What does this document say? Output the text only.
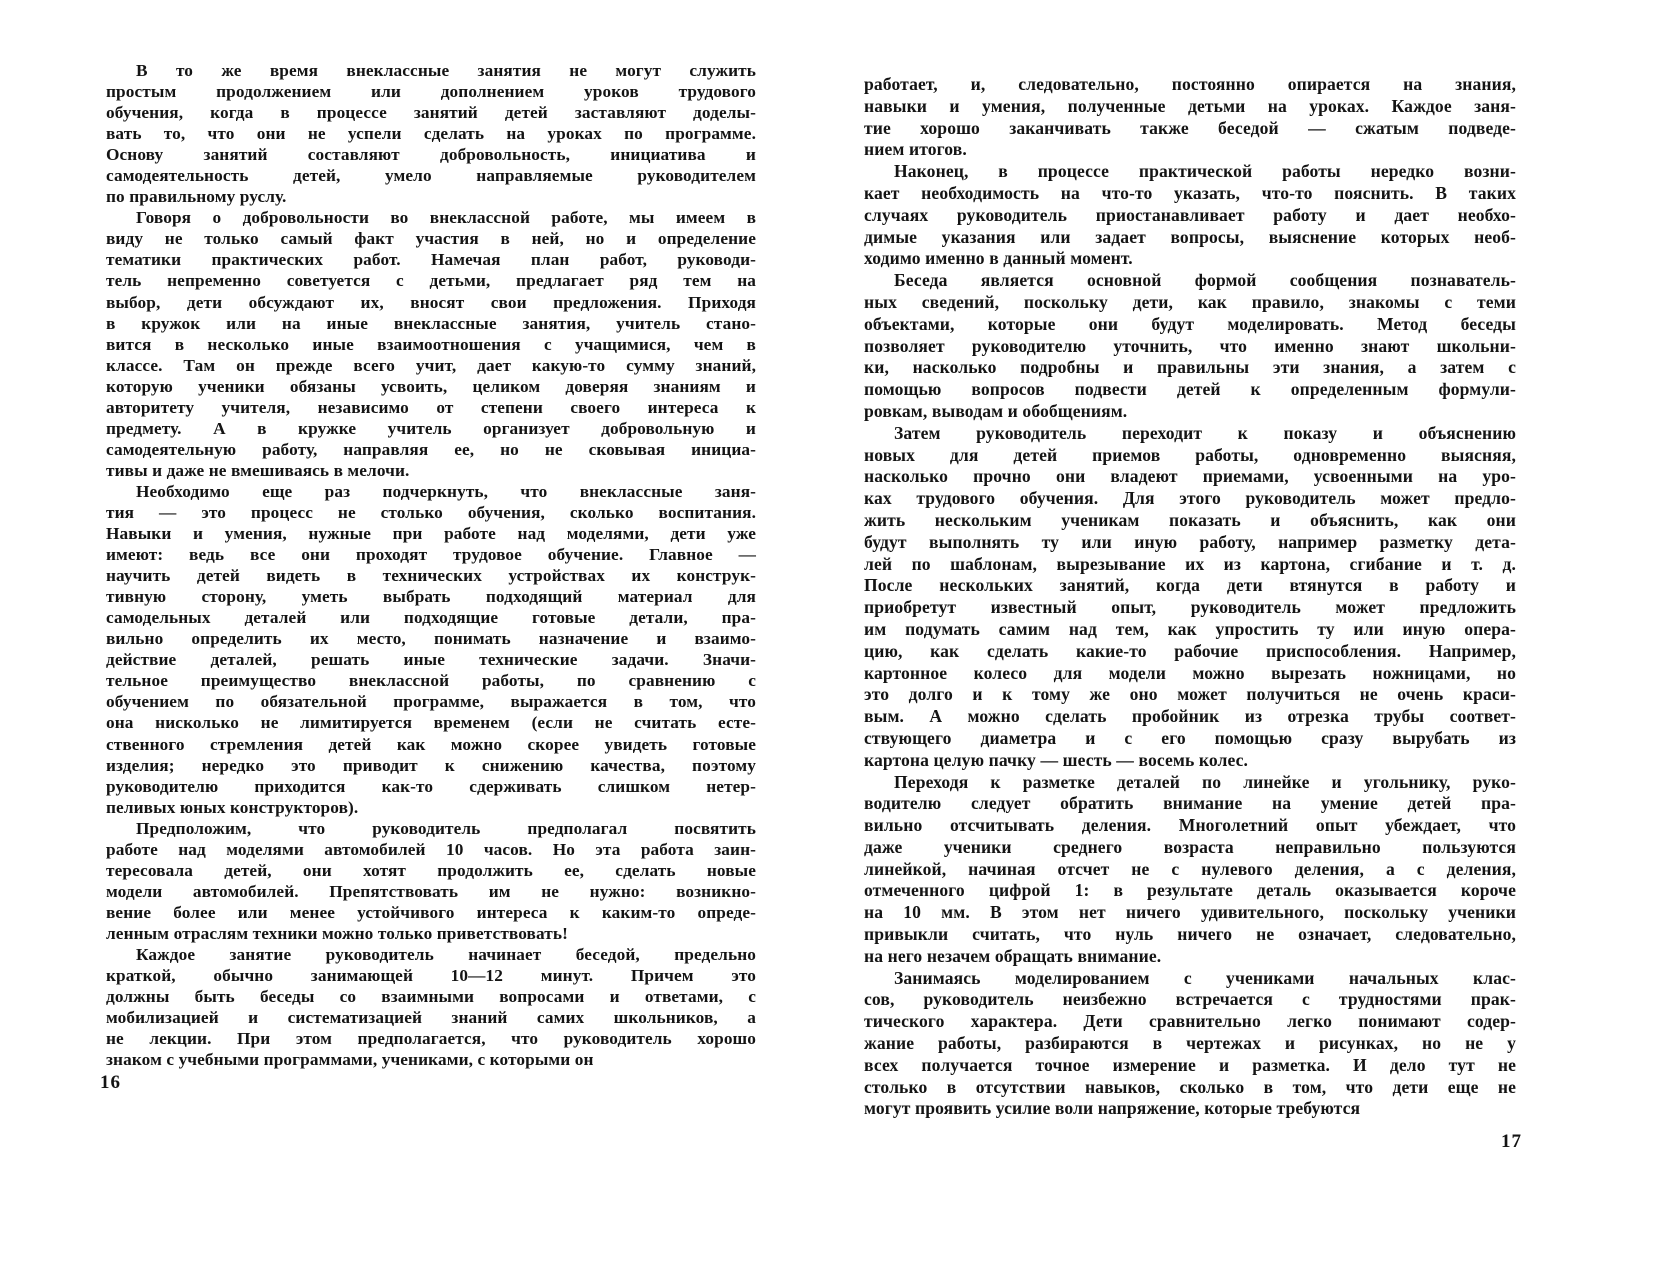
В то же время внеклассные занятия не могут служить
простым продолжением или дополнением уроков трудового
обучения, когда в процессе занятий детей заставляют доделы-
вать то, что они не успели сделать на уроках по программе.
Основу занятий составляют добровольность, инициатива и
самодеятельность детей, умело направляемые руководителем
по правильному руслу.
Говоря о добровольности во внеклассной работе, мы имеем в
виду не только самый факт участия в ней, но и определение
тематики практических работ. Намечая план работ, руководи-
тель непременно советуется с детьми, предлагает ряд тем на
выбор, дети обсуждают их, вносят свои предложения. Приходя
в кружок или на иные внеклассные занятия, учитель стано-
вится в несколько иные взаимоотношения с учащимися, чем в
классе. Там он прежде всего учит, дает какую-то сумму знаний,
которую ученики обязаны усвоить, целиком доверяя знаниям и
авторитету учителя, независимо от степени своего интереса к
предмету. А в кружке учитель организует добровольную и
самодеятельную работу, направляя ее, но не сковывая инициа-
тивы и даже не вмешиваясь в мелочи.
Необходимо еще раз подчеркнуть, что внеклассные заня-
тия — это процесс не столько обучения, сколько воспитания.
Навыки и умения, нужные при работе над моделями, дети уже
имеют: ведь все они проходят трудовое обучение. Главное —
научить детей видеть в технических устройствах их конструк-
тивную сторону, уметь выбрать подходящий материал для
самодельных деталей или подходящие готовые детали, пра-
вильно определить их место, понимать назначение и взаимо-
действие деталей, решать иные технические задачи. Значи-
тельное преимущество внеклассной работы, по сравнению с
обучением по обязательной программе, выражается в том, что
она нисколько не лимитируется временем (если не считать есте-
ственного стремления детей как можно скорее увидеть готовые
изделия; нередко это приводит к снижению качества, поэтому
руководителю приходится как-то сдерживать слишком нетер-
пеливых юных конструкторов).
Предположим, что руководитель предполагал посвятить
работе над моделями автомобилей 10 часов. Но эта работа заин-
тересовала детей, они хотят продолжить ее, сделать новые
модели автомобилей. Препятствовать им не нужно: возникно-
вение более или менее устойчивого интереса к каким-то опреде-
ленным отраслям техники можно только приветствовать!
Каждое занятие руководитель начинает беседой, предельно
краткой, обычно занимающей 10—12 минут. Причем это
должны быть беседы со взаимными вопросами и ответами, с
мобилизацией и систематизацией знаний самих школьников, а
не лекции. При этом предполагается, что руководитель хорошо
знаком с учебными программами, учениками, с которыми он
работает, и, следовательно, постоянно опирается на знания,
навыки и умения, полученные детьми на уроках. Каждое заня-
тие хорошо заканчивать также беседой — сжатым подведе-
нием итогов.
Наконец, в процессе практической работы нередко возни-
кает необходимость на что-то указать, что-то пояснить. В таких
случаях руководитель приостанавливает работу и дает необхо-
димые указания или задает вопросы, выяснение которых необ-
ходимо именно в данный момент.
Беседа является основной формой сообщения познаватель-
ных сведений, поскольку дети, как правило, знакомы с теми
объектами, которые они будут моделировать. Метод беседы
позволяет руководителю уточнить, что именно знают школьни-
ки, насколько подробны и правильны эти знания, а затем с
помощью вопросов подвести детей к определенным формули-
ровкам, выводам и обобщениям.
Затем руководитель переходит к показу и объяснению
новых для детей приемов работы, одновременно выясняя,
насколько прочно они владеют приемами, усвоенными на уро-
ках трудового обучения. Для этого руководитель может предло-
жить нескольким ученикам показать и объяснить, как они
будут выполнять ту или иную работу, например разметку дета-
лей по шаблонам, вырезывание их из картона, сгибание и т. д.
После нескольких занятий, когда дети втянутся в работу и
приобретут известный опыт, руководитель может предложить
им подумать самим над тем, как упростить ту или иную опера-
цию, как сделать какие-то рабочие приспособления. Например,
картонное колесо для модели можно вырезать ножницами, но
это долго и к тому же оно может получиться не очень краси-
вым. А можно сделать пробойник из отрезка трубы соответ-
ствующего диаметра и с его помощью сразу вырубать из
картона целую пачку — шесть — восемь колес.
Переходя к разметке деталей по линейке и угольнику, руко-
водителю следует обратить внимание на умение детей пра-
вильно отсчитывать деления. Многолетний опыт убеждает, что
даже ученики среднего возраста неправильно пользуются
линейкой, начиная отсчет не с нулевого деления, а с деления,
отмеченного цифрой 1: в результате деталь оказывается короче
на 10 мм. В этом нет ничего удивительного, поскольку ученики
привыкли считать, что нуль ничего не означает, следовательно,
на него незачем обращать внимание.
Занимаясь моделированием с учениками начальных клас-
сов, руководитель неизбежно встречается с трудностями прак-
тического характера. Дети сравнительно легко понимают содер-
жание работы, разбираются в чертежах и рисунках, но не у
всех получается точное измерение и разметка. И дело тут не
столько в отсутствии навыков, сколько в том, что дети еще не
могут проявить усилие воли напряжение, которые требуются
16
17
